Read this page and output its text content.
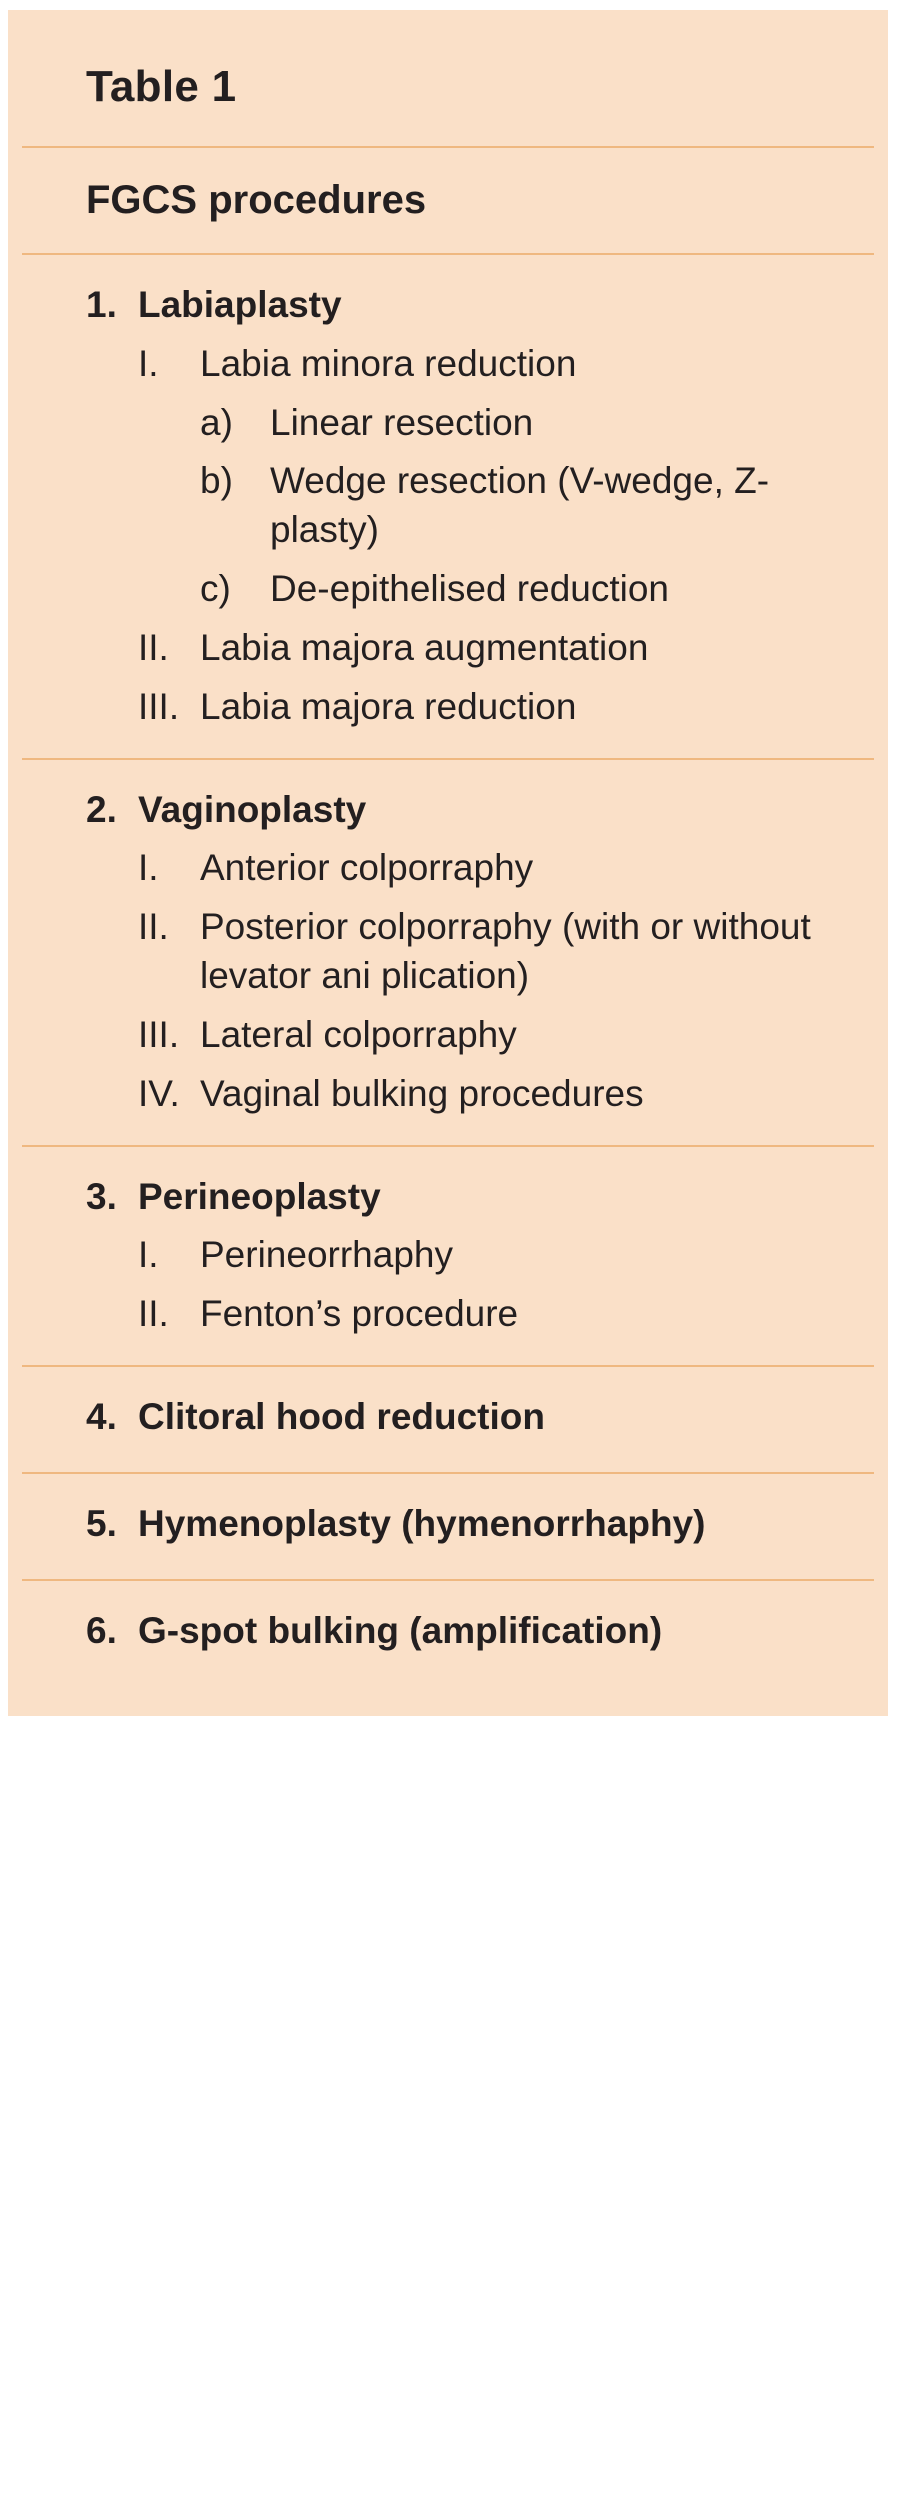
Table 1
FGCS procedures
1. Labiaplasty
I.	Labia minora reduction
a)	Linear resection
b)	Wedge resection (V-wedge, Z-plasty)
c)	De-epithelised reduction
II. Labia majora augmentation
III. Labia majora reduction
2. Vaginoplasty
I.	Anterior colporraphy
II. Posterior colporraphy (with or without levator ani plication)
III. Lateral colporraphy
IV. Vaginal bulking procedures
3. Perineoplasty
I.	Perineorrhaphy
II. Fenton’s procedure
4. Clitoral hood reduction
5. Hymenoplasty (hymenorrhaphy)
6. G-spot bulking (amplification)
